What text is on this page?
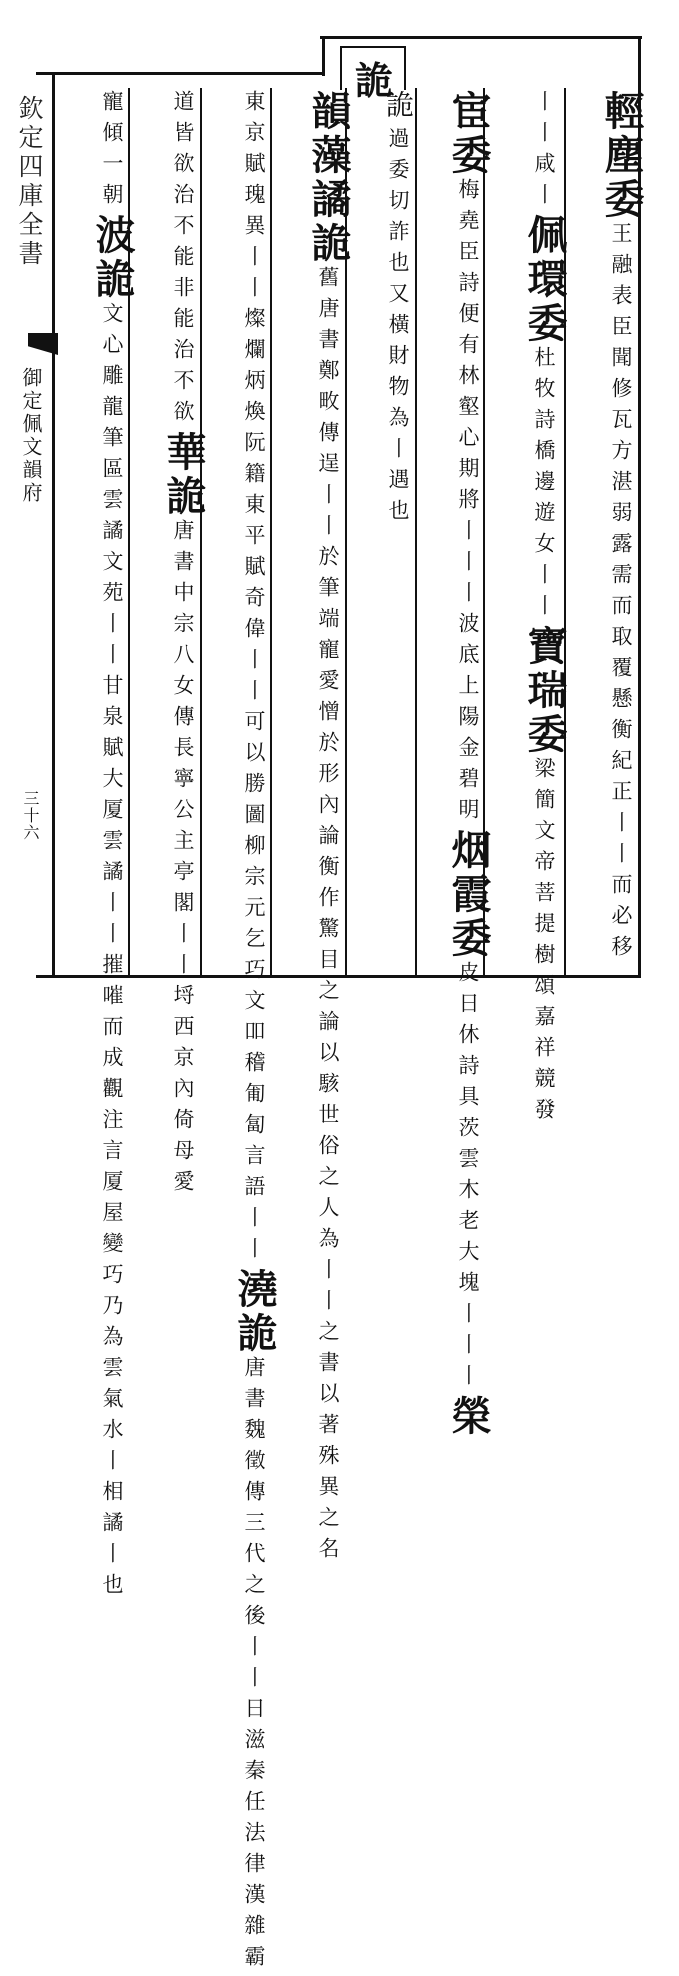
詭
欽定四庫全書
御定佩文韻府
三十六
輕塵委王融表臣聞修瓦方湛弱露需而取覆懸衡紀正丨丨而必移
丨丨咸丨佩環委杜牧詩橋邊遊女丨丨寶瑞委梁簡文帝菩提樹頌嘉祥競發
宦委梅堯臣詩便有林壑心期將丨丨丨波底上陽金碧明烟霞委皮日休詩具茨雲木老大塊丨丨丨榮
詭過委切詐也又橫財物為丨遇也
韻藻譎詭舊唐書鄭畋傳逞丨丨於筆端寵愛憎於形內論衡作驚目之論以駭世俗之人為丨丨之書以著殊異之名
東京賦瑰異丨丨燦爛炳煥阮籍東平賦奇偉丨丨可以勝圖柳宗元乞巧文吅稽匍匐言語丨丨澆詭唐書魏徵傳三代之後丨丨日滋秦任法律漢雜霸
道皆欲治不能非能治不欲華詭唐書中宗八女傳長寧公主亭閣丨丨埒西京內倚母愛
寵傾一朝波詭文心雕龍筆區雲譎文苑丨丨甘泉賦大厦雲譎丨丨摧嗺而成觀注言厦屋變巧乃為雲氣水丨相譎丨也
